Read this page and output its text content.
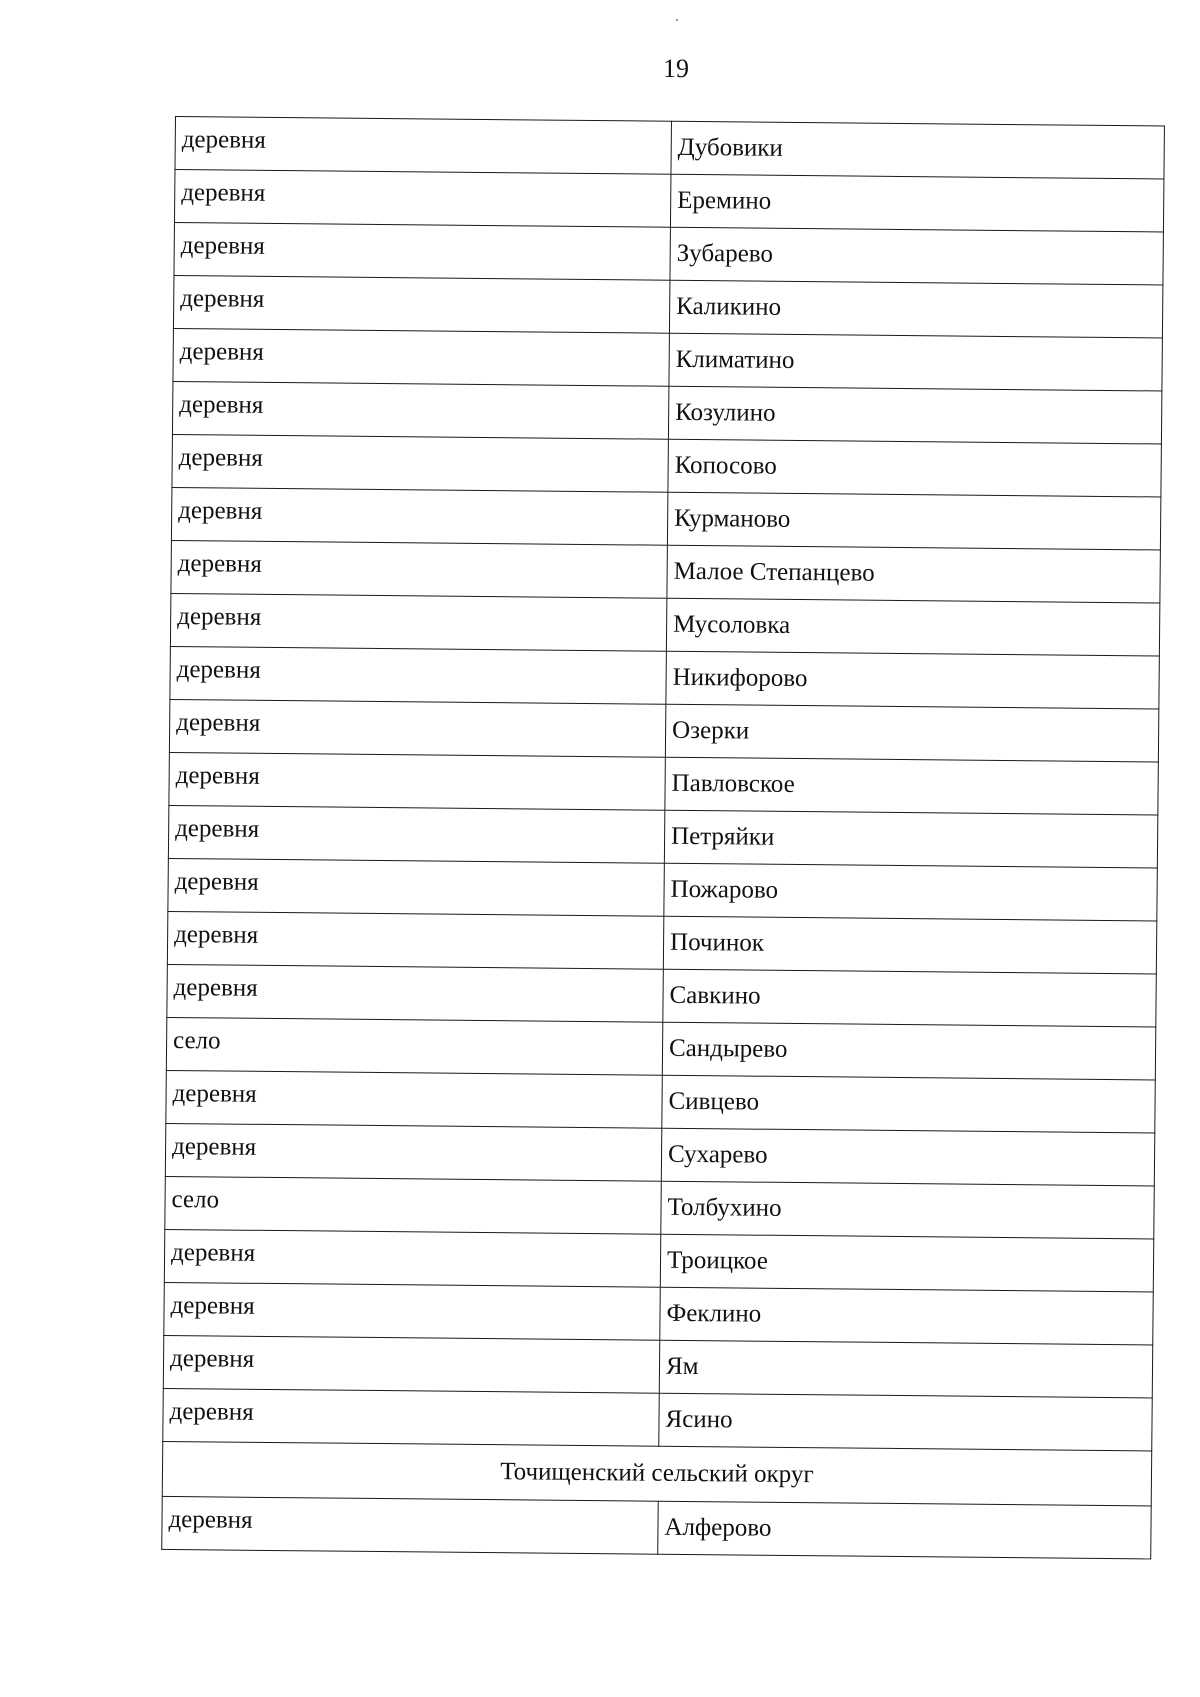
19
деревня	Дубовики
деревня	Еремино
деревня	Зубарево
деревня	Каликино
деревня	Климатино
деревня	Козулино
деревня	Копосово
деревня	Курманово
деревня	Малое Степанцево
деревня	Мусоловка
деревня	Никифорово
деревня	Озерки
деревня	Павловское
деревня	Петряйки
деревня	Пожарово
деревня	Починок
деревня	Савкино
село	Сандырево
деревня	Сивцево
деревня	Сухарево
село	Толбухино
деревня	Троицкое
деревня	Феклино
деревня	Ям
деревня	Ясино
Точищенский сельский округ	
деревня	Алферово
